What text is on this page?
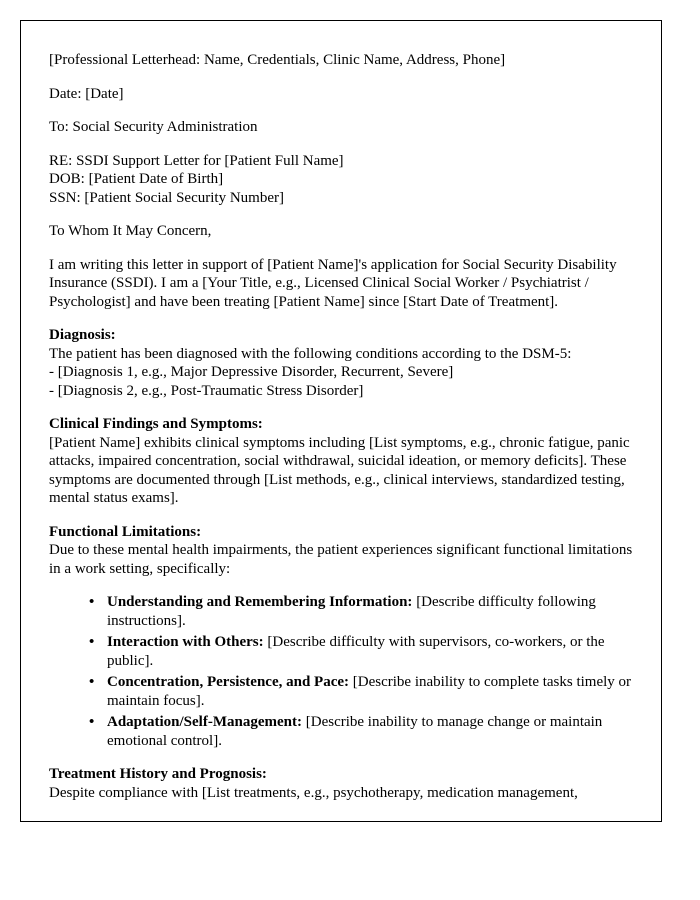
[Professional Letterhead: Name, Credentials, Clinic Name, Address, Phone]

Date: [Date]

To: Social Security Administration

RE: SSDI Support Letter for [Patient Full Name]
DOB: [Patient Date of Birth]
SSN: [Patient Social Security Number]

To Whom It May Concern,

I am writing this letter in support of [Patient Name]'s application for Social Security Disability Insurance (SSDI). I am a [Your Title, e.g., Licensed Clinical Social Worker / Psychiatrist / Psychologist] and have been treating [Patient Name] since [Start Date of Treatment].

Diagnosis:
The patient has been diagnosed with the following conditions according to the DSM-5:
- [Diagnosis 1, e.g., Major Depressive Disorder, Recurrent, Severe]
- [Diagnosis 2, e.g., Post-Traumatic Stress Disorder]
Clinical Findings and Symptoms:
[Patient Name] exhibits clinical symptoms including [List symptoms, e.g., chronic fatigue, panic attacks, impaired concentration, social withdrawal, suicidal ideation, or memory deficits]. These symptoms are documented through [List methods, e.g., clinical interviews, standardized testing, mental status exams].
Functional Limitations:
Due to these mental health impairments, the patient experiences significant functional limitations in a work setting, specifically:
• Understanding and Remembering Information: [Describe difficulty following instructions].
• Interaction with Others: [Describe difficulty with supervisors, co-workers, or the public].
• Concentration, Persistence, and Pace: [Describe inability to complete tasks timely or maintain focus].
• Adaptation/Self-Management: [Describe inability to manage change or maintain emotional control].
Treatment History and Prognosis:
Despite compliance with [List treatments, e.g., psychotherapy, medication management,
